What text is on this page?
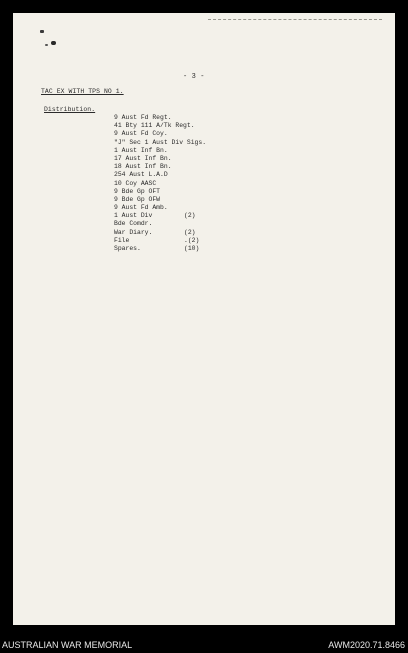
- 3 -
TAC EX WITH TPS NO 1.
Distribution.
9 Aust Fd Regt.
41 Bty 111 A/Tk Regt.
9 Aust Fd Coy.
"J" Sec 1 Aust Div Sigs.
1 Aust Inf Bn.
17 Aust Inf Bn.
18 Aust Inf Bn.
254 Aust L.A.D
10 Coy AASC
9 Bde Gp OFT
9 Bde Gp OFW
9 Aust Fd Amb.
1 Aust Div	(2)
Bde Comdr.
War Diary.	(2)
File	.(2)
Spares.	(10)
AUSTRALIAN WAR MEMORIAL	AWM2020.71.8466
